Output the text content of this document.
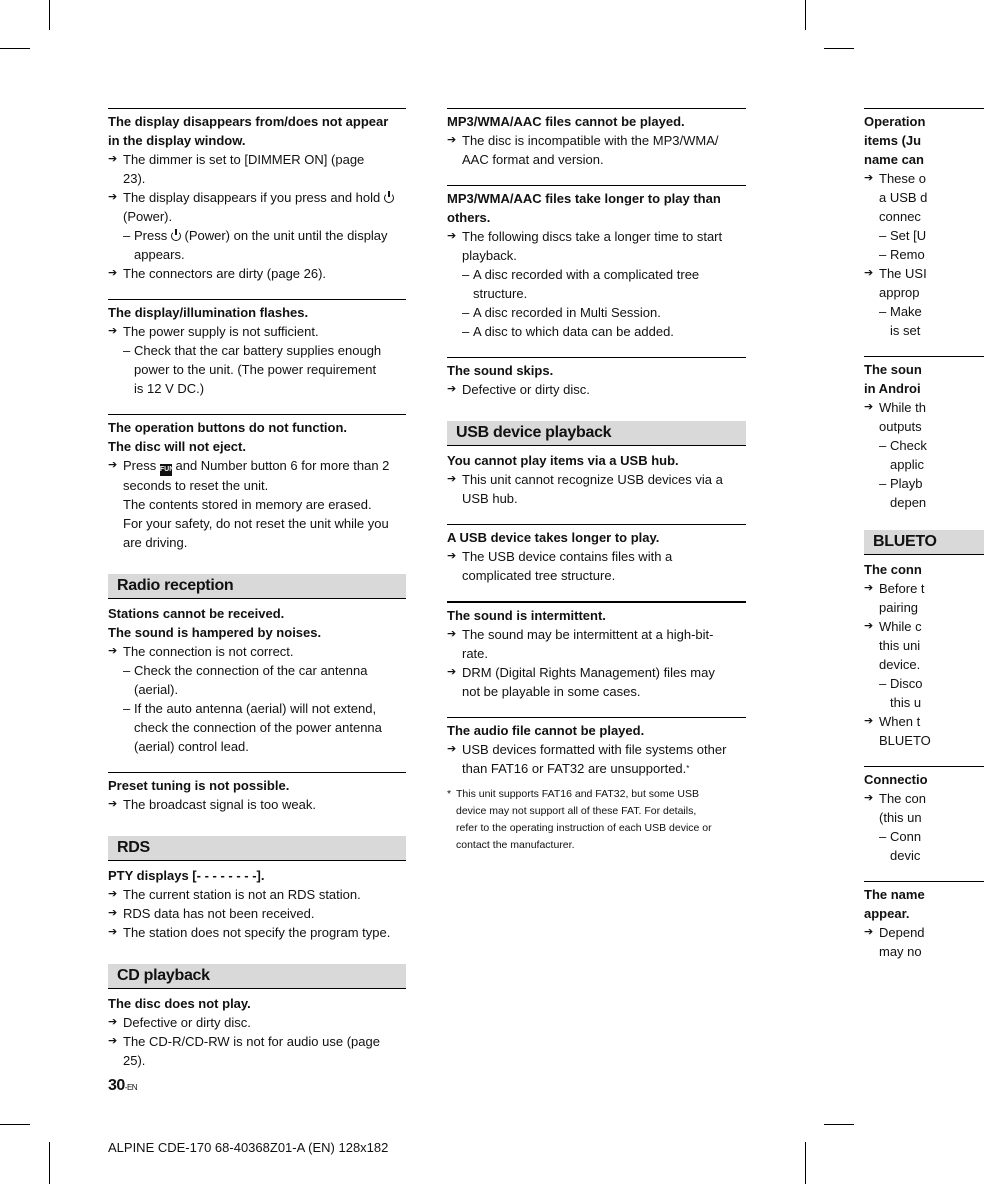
The display disappears from/does not appear
in the display window.
➔ The dimmer is set to [DIMMER ON] (page
23).
➔ The display disappears if you press and hold
(Power).
– Press (Power) on the unit until the display
appears.
➔ The connectors are dirty (page 26).
The display/illumination flashes.
➔ The power supply is not sufficient.
– Check that the car battery supplies enough
power to the unit. (The power requirement
is 12 V DC.)
The operation buttons do not function.
The disc will not eject.
➔ Press FUNC and Number button 6 for more than 2
seconds to reset the unit.
The contents stored in memory are erased.
For your safety, do not reset the unit while you
are driving.
Radio reception
Stations cannot be received.
The sound is hampered by noises.
➔ The connection is not correct.
– Check the connection of the car antenna
(aerial).
– If the auto antenna (aerial) will not extend,
check the connection of the power antenna
(aerial) control lead.
Preset tuning is not possible.
➔ The broadcast signal is too weak.
RDS
PTY displays [- - - - - - - -].
➔ The current station is not an RDS station.
➔ RDS data has not been received.
➔ The station does not specify the program type.
CD playback
The disc does not play.
➔ Defective or dirty disc.
➔ The CD-R/CD-RW is not for audio use (page
25).
MP3/WMA/AAC files cannot be played.
➔ The disc is incompatible with the MP3/WMA/
AAC format and version.
MP3/WMA/AAC files take longer to play than
others.
➔ The following discs take a longer time to start
playback.
– A disc recorded with a complicated tree
structure.
– A disc recorded in Multi Session.
– A disc to which data can be added.
The sound skips.
➔ Defective or dirty disc.
USB device playback
You cannot play items via a USB hub.
➔ This unit cannot recognize USB devices via a
USB hub.
A USB device takes longer to play.
➔ The USB device contains files with a
complicated tree structure.
The sound is intermittent.
➔ The sound may be intermittent at a high-bit-
rate.
➔ DRM (Digital Rights Management) files may
not be playable in some cases.
The audio file cannot be played.
➔ USB devices formatted with file systems other
than FAT16 or FAT32 are unsupported.*
* This unit supports FAT16 and FAT32, but some USB
device may not support all of these FAT. For details,
refer to the operating instruction of each USB device or
contact the manufacturer.
Operation
items (Ju
name can
➔ These o
a USB d
connec
– Set [U
– Remo
➔ The USI
approp
– Make
is set
The soun
in Androi
➔ While th
outputs
– Check
applic
– Playb
depen
BLUETO
The conn
➔ Before t
pairing
➔ While c
this uni
device.
– Disco
this u
➔ When t
BLUETO
Connectio
➔ The con
(this un
– Conn
devic
The name
appear.
➔ Depend
may no
30-EN
ALPINE CDE-170 68-40368Z01-A (EN) 128x182
